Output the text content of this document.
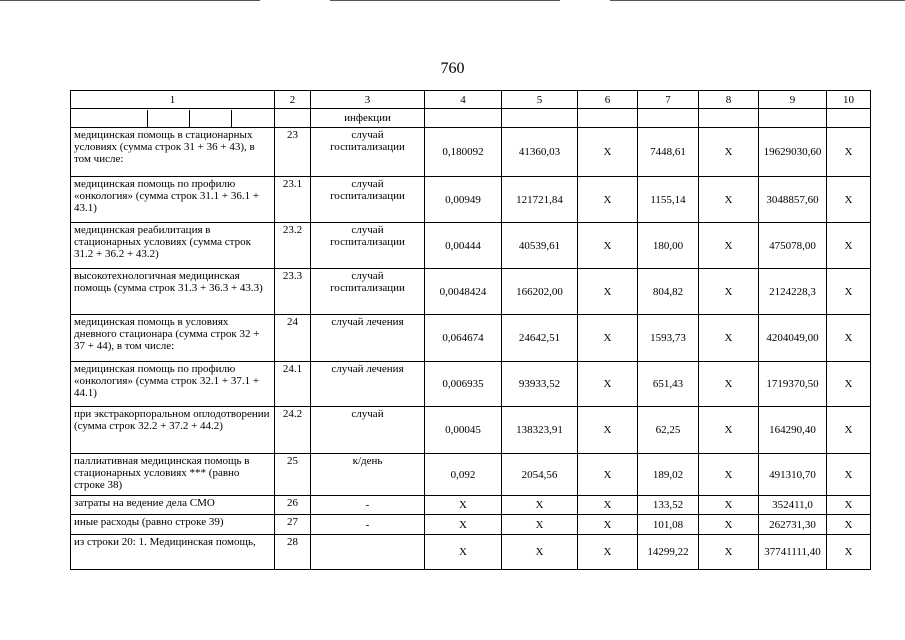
760
1	2	3	4	5	6	7	8	9	10

		инфекции							
медицинская помощь в стационарных условиях (сумма строк 31 + 36 + 43), в том числе:	23	случай госпитализации	0,180092	41360,03	X	7448,61	X	19629030,60	X
медицинская помощь по профилю «онкология» (сумма строк 31.1 + 36.1 + 43.1)	23.1	случай госпитализации	0,00949	121721,84	X	1155,14	X	3048857,60	X
медицинская реабилитация в стационарных условиях (сумма строк 31.2 + 36.2 + 43.2)	23.2	случай госпитализации	0,00444	40539,61	X	180,00	X	475078,00	X
высокотехнологичная медицинская помощь (сумма строк 31.3 + 36.3 + 43.3)	23.3	случай госпитализации	0,0048424	166202,00	X	804,82	X	2124228,3	X
медицинская помощь в условиях дневного стационара (сумма строк 32 + 37 + 44), в том числе:	24	случай лечения	0,064674	24642,51	X	1593,73	X	4204049,00	X
медицинская помощь по профилю «онкология» (сумма строк 32.1 + 37.1 + 44.1)	24.1	случай лечения	0,006935	93933,52	X	651,43	X	1719370,50	X
при экстракорпоральном оплодотворении (сумма строк 32.2 + 37.2 + 44.2)	24.2	случай	0,00045	138323,91	X	62,25	X	164290,40	X
паллиативная медицинская помощь в стационарных условиях *** (равно строке 38)	25	к/день	0,092	2054,56	X	189,02	X	491310,70	X
затраты на ведение дела СМО	26	-	X	X	X	133,52	X	352411,0	X
иные расходы (равно строке 39)	27	-	X	X	X	101,08	X	262731,30	X
из строки 20: 1. Медицинская помощь,	28		X	X	X	14299,22	X	37741111,40	X
